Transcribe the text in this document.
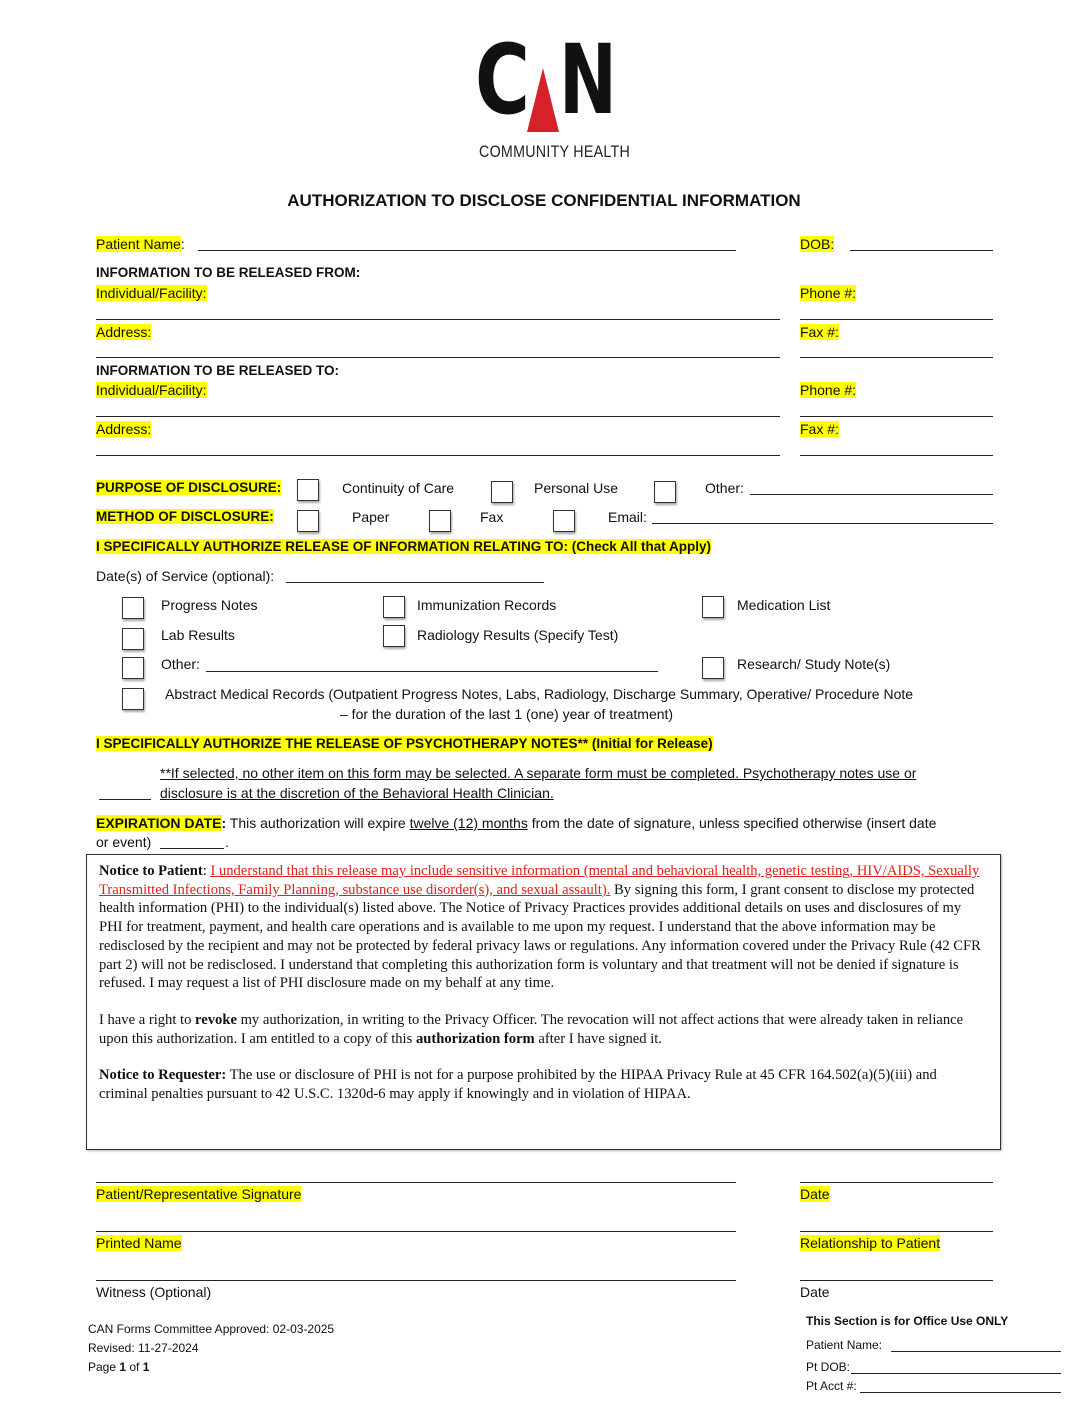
C N
COMMUNITY HEALTH
AUTHORIZATION TO DISCLOSE CONFIDENTIAL INFORMATION
Patient Name:	DOB:
INFORMATION TO BE RELEASED FROM:
Individual/Facility:	Phone #:
Address:	Fax #:
INFORMATION TO BE RELEASED TO:
Individual/Facility:	Phone #:
Address:	Fax #:
PURPOSE OF DISCLOSURE:	Continuity of Care	Personal Use	Other:
METHOD OF DISCLOSURE:	Paper	Fax	Email:
I SPECIFICALLY AUTHORIZE RELEASE OF INFORMATION RELATING TO: (Check All that Apply)
Date(s) of Service (optional):
Progress Notes	Immunization Records	Medication List
Lab Results	Radiology Results (Specify Test)
Other:	Research/ Study Note(s)
Abstract Medical Records (Outpatient Progress Notes, Labs, Radiology, Discharge Summary, Operative/ Procedure Note
– for the duration of the last 1 (one) year of treatment)
I SPECIFICALLY AUTHORIZE THE RELEASE OF PSYCHOTHERAPY NOTES** (Initial for Release)
**If selected, no other item on this form may be selected. A separate form must be completed. Psychotherapy notes use or
disclosure is at the discretion of the Behavioral Health Clinician.
EXPIRATION DATE: This authorization will expire twelve (12) months from the date of signature, unless specified otherwise (insert date
or event)	.

Notice to Patient: I understand that this release may include sensitive information (mental and behavioral health, genetic testing, HIV/AIDS, Sexually Transmitted Infections, Family Planning, substance use disorder(s), and sexual assault). By signing this form, I grant consent to disclose my protected health information (PHI) to the individual(s) listed above. The Notice of Privacy Practices provides additional details on uses and disclosures of my PHI for treatment, payment, and health care operations and is available to me upon my request. I understand that the above information may be redisclosed by the recipient and may not be protected by federal privacy laws or regulations. Any information covered under the Privacy Rule (42 CFR part 2) will not be redisclosed. I understand that completing this authorization form is voluntary and that treatment will not be denied if signature is refused. I may request a list of PHI disclosure made on my behalf at any time.

I have a right to revoke my authorization, in writing to the Privacy Officer. The revocation will not affect actions that were already taken in reliance upon this authorization. I am entitled to a copy of this authorization form after I have signed it.

Notice to Requester: The use or disclosure of PHI is not for a purpose prohibited by the HIPAA Privacy Rule at 45 CFR 164.502(a)(5)(iii) and criminal penalties pursuant to 42 U.S.C. 1320d-6 may apply if knowingly and in violation of HIPAA.

Patient/Representative Signature	Date
Printed Name	Relationship to Patient
Witness (Optional)	Date
CAN Forms Committee Approved: 02-03-2025
Revised: 11-27-2024
Page 1 of 1
This Section is for Office Use ONLY
Patient Name:
Pt DOB:
Pt Acct #:
